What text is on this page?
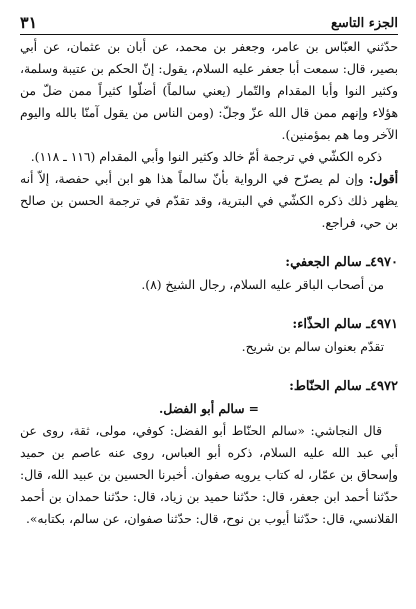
الجزء التاسع
٣١

حدّثني العبّاس بن عامر، وجعفر بن محمد، عن أبان بن عثمان، عن أبي بصير، قال: سمعت أبا جعفر عليه السلام، يقول: إنّ الحكم بن عتيبة وسلمة، وكثير النوا وأبا المقدام والتّمار (يعني سالماً) أضلّوا كثيراً ممن ضلّ من هؤلاء وإنهم ممن قال الله عزّ وجلّ: (ومن الناس من يقول آمنّا بالله واليوم الآخر وما هم بمؤمنين).

ذكره الكشّي في ترجمة أمّ خالد وكثير النوا وأبي المقدام (١١٦ ـ ١١٨).

أقول: وإن لم يصرّح في الرواية بأنّ سالماً هذا هو ابن أبي حفصة، إلاّ أنه يظهر ذلك ذكره الكشّي في البترية، وقد تقدّم في ترجمة الحسن بن صالح بن حي، فراجع.

٤٩٧٠ـ سالم الجعفي:

من أصحاب الباقر عليه السلام، رجال الشيخ (٨).

٤٩٧١ـ سالم الحذّاء:

تقدّم بعنوان سالم بن شريح.

٤٩٧٢ـ سالم الحنّاط:

= سالم أبو الفضل.

قال النجاشي: «سالم الحنّاط أبو الفضل: كوفي، مولى، ثقة، روى عن أبي عبد الله عليه السلام، ذكره أبو العباس، روى عنه عاصم بن حميد وإسحاق بن عمّار، له كتاب يرويه صفوان. أخبرنا الحسين بن عبيد الله، قال: حدّثنا أحمد ابن جعفر، قال: حدّثنا حميد بن زياد، قال: حدّثنا حمدان بن أحمد القلانسي، قال: حدّثنا أيوب بن نوح، قال: حدّثنا صفوان، عن سالم، بكتابه».
